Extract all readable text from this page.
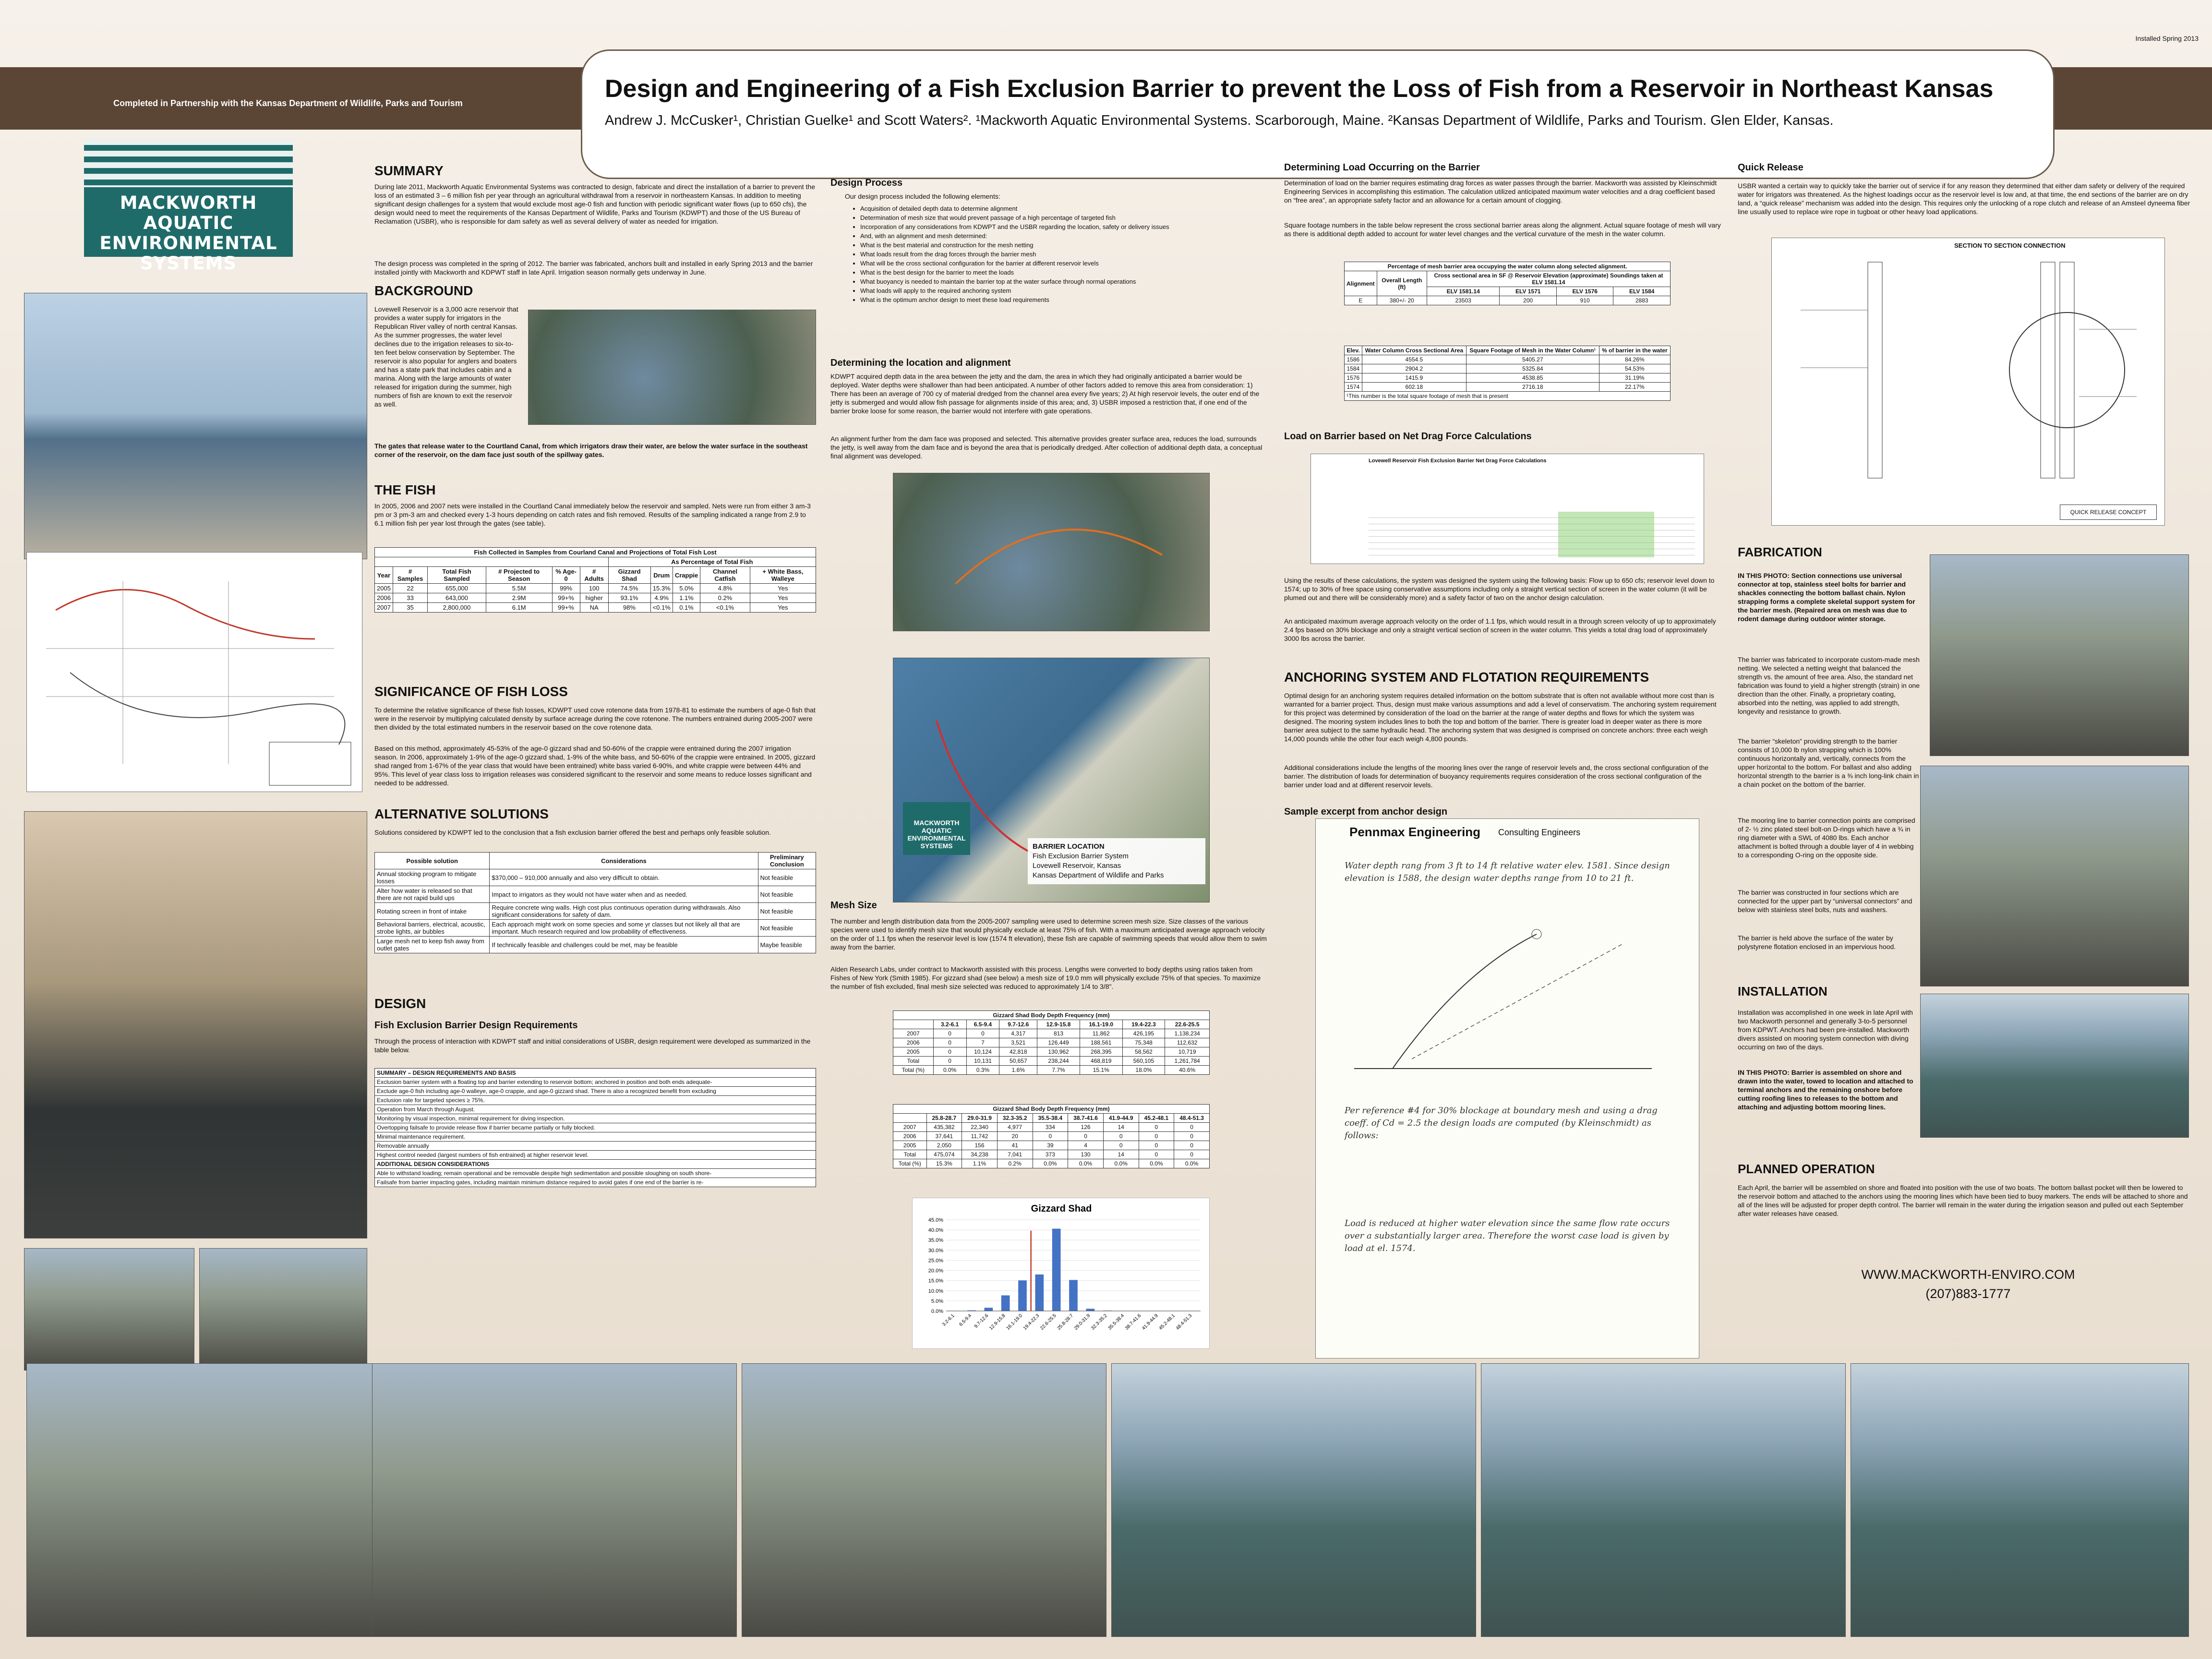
Installed Spring 2013
Completed in Partnership with the Kansas Department of Wildlife, Parks and Tourism
Design and Engineering of a Fish Exclusion Barrier to prevent the Loss of Fish from a Reservoir in Northeast Kansas
Andrew J. McCusker¹, Christian Guelke¹ and Scott Waters². ¹Mackworth Aquatic Environmental Systems. Scarborough, Maine. ²Kansas Department of Wildlife, Parks and Tourism. Glen Elder, Kansas.
MACKWORTH AQUATIC
ENVIRONMENTAL SYSTEMS
SUMMARY
During late 2011, Mackworth Aquatic Environmental Systems was contracted to design, fabricate and direct the installation of a barrier to prevent the loss of an estimated 3 – 6 million fish per year through an agricultural withdrawal from a reservoir in northeastern Kansas. In addition to meeting significant design challenges for a system that would exclude most age-0 fish and function with periodic significant water flows (up to 650 cfs), the design would need to meet the requirements of the Kansas Department of Wildlife, Parks and Tourism (KDWPT) and those of the US Bureau of Reclamation (USBR), who is responsible for dam safety as well as several delivery of water as needed for irrigation.
The design process was completed in the spring of 2012. The barrier was fabricated, anchors built and installed in early Spring 2013 and the barrier installed jointly with Mackworth and KDPWT staff in late April. Irrigation season normally gets underway in June.
BACKGROUND
Lovewell Reservoir is a 3,000 acre reservoir that provides a water supply for irrigators in the Republican River valley of north central Kansas. As the summer progresses, the water level declines due to the irrigation releases to six-to-ten feet below conservation by September. The reservoir is also popular for anglers and boaters and has a state park that includes cabin and a marina. Along with the large amounts of water released for irrigation during the summer, high numbers of fish are known to exit the reservoir as well.
The gates that release water to the Courtland Canal, from which irrigators draw their water, are below the water surface in the southeast corner of the reservoir, on the dam face just south of the spillway gates.
THE FISH
In 2005, 2006 and 2007 nets were installed in the Courtland Canal immediately below the reservoir and sampled. Nets were run from either 3 am-3 pm or 3 pm-3 am and checked every 1-3 hours depending on catch rates and fish removed. Results of the sampling indicated a range from 2.9 to 6.1 million fish per year lost through the gates (see table).
Fish Collected in Samples from Courland Canal and Projections of Total Fish Lost										
						As Percentage of Total Fish				
Year	# Samples	Total Fish Sampled	# Projected to Season	% Age-0	# Adults	Gizzard Shad	Drum	Crappie	Channel Catfish	+ White Bass, Walleye
2005	22	655,000	5.5M	99%	100	74.5%	15.3%	5.0%	4.8%	Yes
2006	33	643,000	2.9M	99+%	higher	93.1%	4.9%	1.1%	0.2%	Yes
2007	35	2,800,000	6.1M	99+%	NA	98%	<0.1%	0.1%	<0.1%	Yes
SIGNIFICANCE OF FISH LOSS
To determine the relative significance of these fish losses, KDWPT used cove rotenone data from 1978-81 to estimate the numbers of age-0 fish that were in the reservoir by multiplying calculated density by surface acreage during the cove rotenone. The numbers entrained during 2005-2007 were then divided by the total estimated numbers in the reservoir based on the cove rotenone data.
Based on this method, approximately 45-53% of the age-0 gizzard shad and 50-60% of the crappie were entrained during the 2007 irrigation season. In 2006, approximately 1-9% of the age-0 gizzard shad, 1-9% of the white bass, and 50-60% of the crappie were entrained. In 2005, gizzard shad ranged from 1-67% of the year class that would have been entrained) white bass varied 6-90%, and white crappie were between 44% and 95%. This level of year class loss to irrigation releases was considered significant to the reservoir and some means to reduce losses significant and needed to be addressed.
ALTERNATIVE SOLUTIONS
Solutions considered by KDWPT led to the conclusion that a fish exclusion barrier offered the best and perhaps only feasible solution.
Possible solution	Considerations	Preliminary Conclusion
Annual stocking program to mitigate losses	$370,000 – 910,000 annually and also very difficult to obtain.	Not feasible
Alter how water is released so that there are not rapid build ups	Impact to irrigators as they would not have water when and as needed.	Not feasible
Rotating screen in front of intake	Require concrete wing walls. High cost plus continuous operation during withdrawals. Also significant considerations for safety of dam.	Not feasible
Behavioral barriers, electrical, acoustic, strobe lights, air bubbles	Each approach might work on some species and some yr classes but not likely all that are important. Much research required and low probability of effectiveness.	Not feasible
Large mesh net to keep fish away from outlet gates	If technically feasible and challenges could be met, may be feasible	Maybe feasible
DESIGN
Fish Exclusion Barrier Design Requirements
Through the process of interaction with KDWPT staff and initial considerations of USBR, design requirement were developed as summarized in the table below.
SUMMARY – DESIGN REQUIREMENTS AND BASIS
Exclusion barrier system with a floating top and barrier extending to reservoir bottom; anchored in position and both ends adequate-
Exclude age-0 fish including age-0 walleye, age-0 crappie, and age-0 gizzard shad. There is also a recognized benefit from excluding
Exclusion rate for targeted species ≥ 75%.
Operation from March through August.
Monitoring by visual inspection, minimal requirement for diving inspection.
Overtopping failsafe to provide release flow if barrier became partially or fully blocked.
Minimal maintenance requirement.
Removable annually
Highest control needed (largest numbers of fish entrained) at higher reservoir level.
ADDITIONAL DESIGN CONSIDERATIONS
Able to withstand loading; remain operational and be removable despite high sedimentation and possible sloughing on south shore-
Failsafe from barrier impacting gates, including maintain minimum distance required to avoid gates if one end of the barrier is re-
Design Process
Our design process included the following elements:
• Acquisition of detailed depth data to determine alignment
• Determination of mesh size that would prevent passage of a high percentage of targeted fish
• Incorporation of any considerations from KDWPT and the USBR regarding the location, safety or delivery issues
• And, with an alignment and mesh determined:
• What is the best material and construction for the mesh netting
• What loads result from the drag forces through the barrier mesh
• What will be the cross sectional configuration for the barrier at different reservoir levels
• What is the best design for the barrier to meet the loads
• What buoyancy is needed to maintain the barrier top at the water surface through normal operations
• What loads will apply to the required anchoring system
• What is the optimum anchor design to meet these load requirements
Determining the location and alignment
KDWPT acquired depth data in the area between the jetty and the dam, the area in which they had originally anticipated a barrier would be deployed. Water depths were shallower than had been anticipated. A number of other factors added to remove this area from consideration: 1) There has been an average of 700 cy of material dredged from the channel area every five years; 2) At high reservoir levels, the outer end of the jetty is submerged and would allow fish passage for alignments inside of this area; and, 3) USBR imposed a restriction that, if one end of the barrier broke loose for some reason, the barrier would not interfere with gate operations.
An alignment further from the dam face was proposed and selected. This alternative provides greater surface area, reduces the load, surrounds the jetty, is well away from the dam face and is beyond the area that is periodically dredged. After collection of additional depth data, a conceptual final alignment was developed.
MACKWORTH AQUATIC ENVIRONMENTAL SYSTEMS	BARRIER LOCATION
Fish Exclusion Barrier System
Lovewell Reservoir, Kansas
Kansas Department of Wildlife and Parks
Mesh Size
The number and length distribution data from the 2005-2007 sampling were used to determine screen mesh size. Size classes of the various species were used to identify mesh size that would physically exclude at least 75% of fish. With a maximum anticipated average approach velocity on the order of 1.1 fps when the reservoir level is low (1574 ft elevation), these fish are capable of swimming speeds that would allow them to swim away from the barrier.
Alden Research Labs, under contract to Mackworth assisted with this process. Lengths were converted to body depths using ratios taken from Fishes of New York (Smith 1985). For gizzard shad (see below) a mesh size of 19.0 mm will physically exclude 75% of that species. To maximize the number of fish excluded, final mesh size selected was reduced to approximately 1/4 to 3/8".
Gizzard Shad Body Depth Frequency (mm)							
	3.2-6.1	6.5-9.4	9.7-12.6	12.9-15.8	16.1-19.0	19.4-22.3	22.6-25.5
2007	0	0	4,317	813	11,862	426,195	1,138,234
2006	0	7	3,521	126,449	188,561	75,348	112,632
2005	0	10,124	42,818	130,962	268,395	58,562	10,719
Total	0	10,131	50,657	238,244	468,819	560,105	1,261,784
Total (%)	0.0%	0.3%	1.6%	7.7%	15.1%	18.0%	40.6%
Gizzard Shad Body Depth Frequency (mm)								
	25.8-28.7	29.0-31.9	32.3-35.2	35.5-38.4	38.7-41.6	41.9-44.9	45.2-48.1	48.4-51.3
2007	435,382	22,340	4,977	334	126	14	0	0
2006	37,641	11,742	20	0	0	0	0	0
2005	2,050	156	41	39	4	0	0	0
Total	475,074	34,238	7,041	373	130	14	0	0
Total (%)	15.3%	1.1%	0.2%	0.0%	0.0%	0.0%	0.0%	0.0%
Gizzard Shad
0.0%
5.0%
10.0%
15.0%
20.0%
25.0%
30.0%
35.0%
40.0%
45.0%
3.2-6.1 6.5-9.4 9.7-12.6
12.9-15.8
16.1-19.0
19.4-22.3
22.6-25.5
25.8-28.7
29.0-31.9
32.3-35.2
35.5-38.4
38.7-41.6
41.9-44.9
45.2-48.1
48.4-51.3
Determining Load Occurring on the Barrier
Determination of load on the barrier requires estimating drag forces as water passes through the barrier. Mackworth was assisted by Kleinschmidt Engineering Services in accomplishing this estimation. The calculation utilized anticipated maximum water velocities and a drag coefficient based on “free area”, an appropriate safety factor and an allowance for a certain amount of clogging.
Square footage numbers in the table below represent the cross sectional barrier areas along the alignment. Actual square footage of mesh will vary as there is additional depth added to account for water level changes and the vertical curvature of the mesh in the water column.
Percentage of mesh barrier area occupying the water column along selected alignment.					
Alignment	Overall Length (ft)	Cross sectional area in SF @ Reservoir Elevation (approximate) Soundings taken at ELV 1581.14			
		ELV 1581.14	ELV 1571	ELV 1576	ELV 1584
E	380+/- 20	23503	200	910	2883
Elev.	Water Column Cross Sectional Area	Square Footage of Mesh in the Water Column¹	% of barrier in the water
1586	4554.5	5405.27	84.26%
1584	2904.2	5325.84	54.53%
1576	1415.9	4538.85	31.19%
1574	602.18	2716.18	22.17%
¹This number is the total square footage of mesh that is present			
Load on Barrier based on Net Drag Force Calculations
Lovewell Reservoir Fish Exclusion Barrier Net Drag Force Calculations
Using the results of these calculations, the system was designed the system using the following basis: Flow up to 650 cfs; reservoir level down to 1574; up to 30% of free space using conservative assumptions including only a straight vertical section of screen in the water column (it will be plumed out and there will be considerably more) and a safety factor of two on the anchor design calculation.
An anticipated maximum average approach velocity on the order of 1.1 fps, which would result in a through screen velocity of up to approximately 2.4 fps based on 30% blockage and only a straight vertical section of screen in the water column. This yields a total drag load of approximately 3000 lbs across the barrier.
ANCHORING SYSTEM AND FLOTATION REQUIREMENTS
Optimal design for an anchoring system requires detailed information on the bottom substrate that is often not available without more cost than is warranted for a barrier project. Thus, design must make various assumptions and add a level of conservatism. The anchoring system requirement for this project was determined by consideration of the load on the barrier at the range of water depths and flows for which the system was designed. The mooring system includes lines to both the top and bottom of the barrier. There is greater load in deeper water as there is more barrier area subject to the same hydraulic head. The anchoring system that was designed is comprised on concrete anchors: three each weigh 14,000 pounds while the other four each weigh 4,800 pounds.
Additional considerations include the lengths of the mooring lines over the range of reservoir levels and, the cross sectional configuration of the barrier. The distribution of loads for determination of buoyancy requirements requires consideration of the cross sectional configuration of the barrier under load and at different reservoir levels.
Sample excerpt from anchor design
Pennmax Engineering Consulting Engineers
Water depth rang from 3 ft to 14 ft relative water elev. 1581. Since design elevation is 1588, the design water depths range from 10 to 21 ft.
Per reference #4 for 30% blockage at boundary mesh and using a drag coeff. of Cd = 2.5 the design loads are computed (by Kleinschmidt) as follows:
Load is reduced at higher water elevation since the same flow rate occurs over a substantially larger area. Therefore the worst case load is given by load at el. 1574.
Quick Release
USBR wanted a certain way to quickly take the barrier out of service if for any reason they determined that either dam safety or delivery of the required water for irrigators was threatened. As the highest loadings occur as the reservoir level is low and, at that time, the end sections of the barrier are on dry land, a “quick release” mechanism was added into the design. This requires only the unlocking of a rope clutch and release of an Amsteel dyneema fiber line usually used to replace wire rope in tugboat or other heavy load applications.
SECTION TO SECTION CONNECTION
QUICK RELEASE CONCEPT
FABRICATION
IN THIS PHOTO: Section connections use universal connector at top, stainless steel bolts for barrier and shackles connecting the bottom ballast chain. Nylon strapping forms a complete skeletal support system for the barrier mesh. (Repaired area on mesh was due to rodent damage during outdoor winter storage.
The barrier was fabricated to incorporate custom-made mesh netting. We selected a netting weight that balanced the strength vs. the amount of free area. Also, the standard net fabrication was found to yield a higher strength (strain) in one direction than the other. Finally, a proprietary coating, absorbed into the netting, was applied to add strength, longevity and resistance to growth.
The barrier “skeleton” providing strength to the barrier consists of 10,000 lb nylon strapping which is 100% continuous horizontally and, vertically, connects from the upper horizontal to the bottom. For ballast and also adding horizontal strength to the barrier is a ⅜ inch long-link chain in a chain pocket on the bottom of the barrier.
The mooring line to barrier connection points are comprised of 2- ½ zinc plated steel bolt-on D-rings which have a ¾ in ring diameter with a SWL of 4080 lbs. Each anchor attachment is bolted through a double layer of 4 in webbing to a corresponding O-ring on the opposite side.
The barrier was constructed in four sections which are connected for the upper part by “universal connectors” and below with stainless steel bolts, nuts and washers.
The barrier is held above the surface of the water by polystyrene flotation enclosed in an impervious hood.
INSTALLATION
Installation was accomplished in one week in late April with two Mackworth personnel and generally 3-to-5 personnel from KDPWT. Anchors had been pre-installed. Mackworth divers assisted on mooring system connection with diving occurring on two of the days.
IN THIS PHOTO: Barrier is assembled on shore and drawn into the water, towed to location and attached to terminal anchors and the remaining onshore before cutting roofing lines to releases to the bottom and attaching and adjusting bottom mooring lines.
PLANNED OPERATION
Each April, the barrier will be assembled on shore and floated into position with the use of two boats. The bottom ballast pocket will then be lowered to the reservoir bottom and attached to the anchors using the mooring lines which have been tied to buoy markers. The ends will be attached to shore and all of the lines will be adjusted for proper depth control. The barrier will remain in the water during the irrigation season and pulled out each September after water releases have ceased.
WWW.MACKWORTH-ENVIRO.COM
(207)883-1777
